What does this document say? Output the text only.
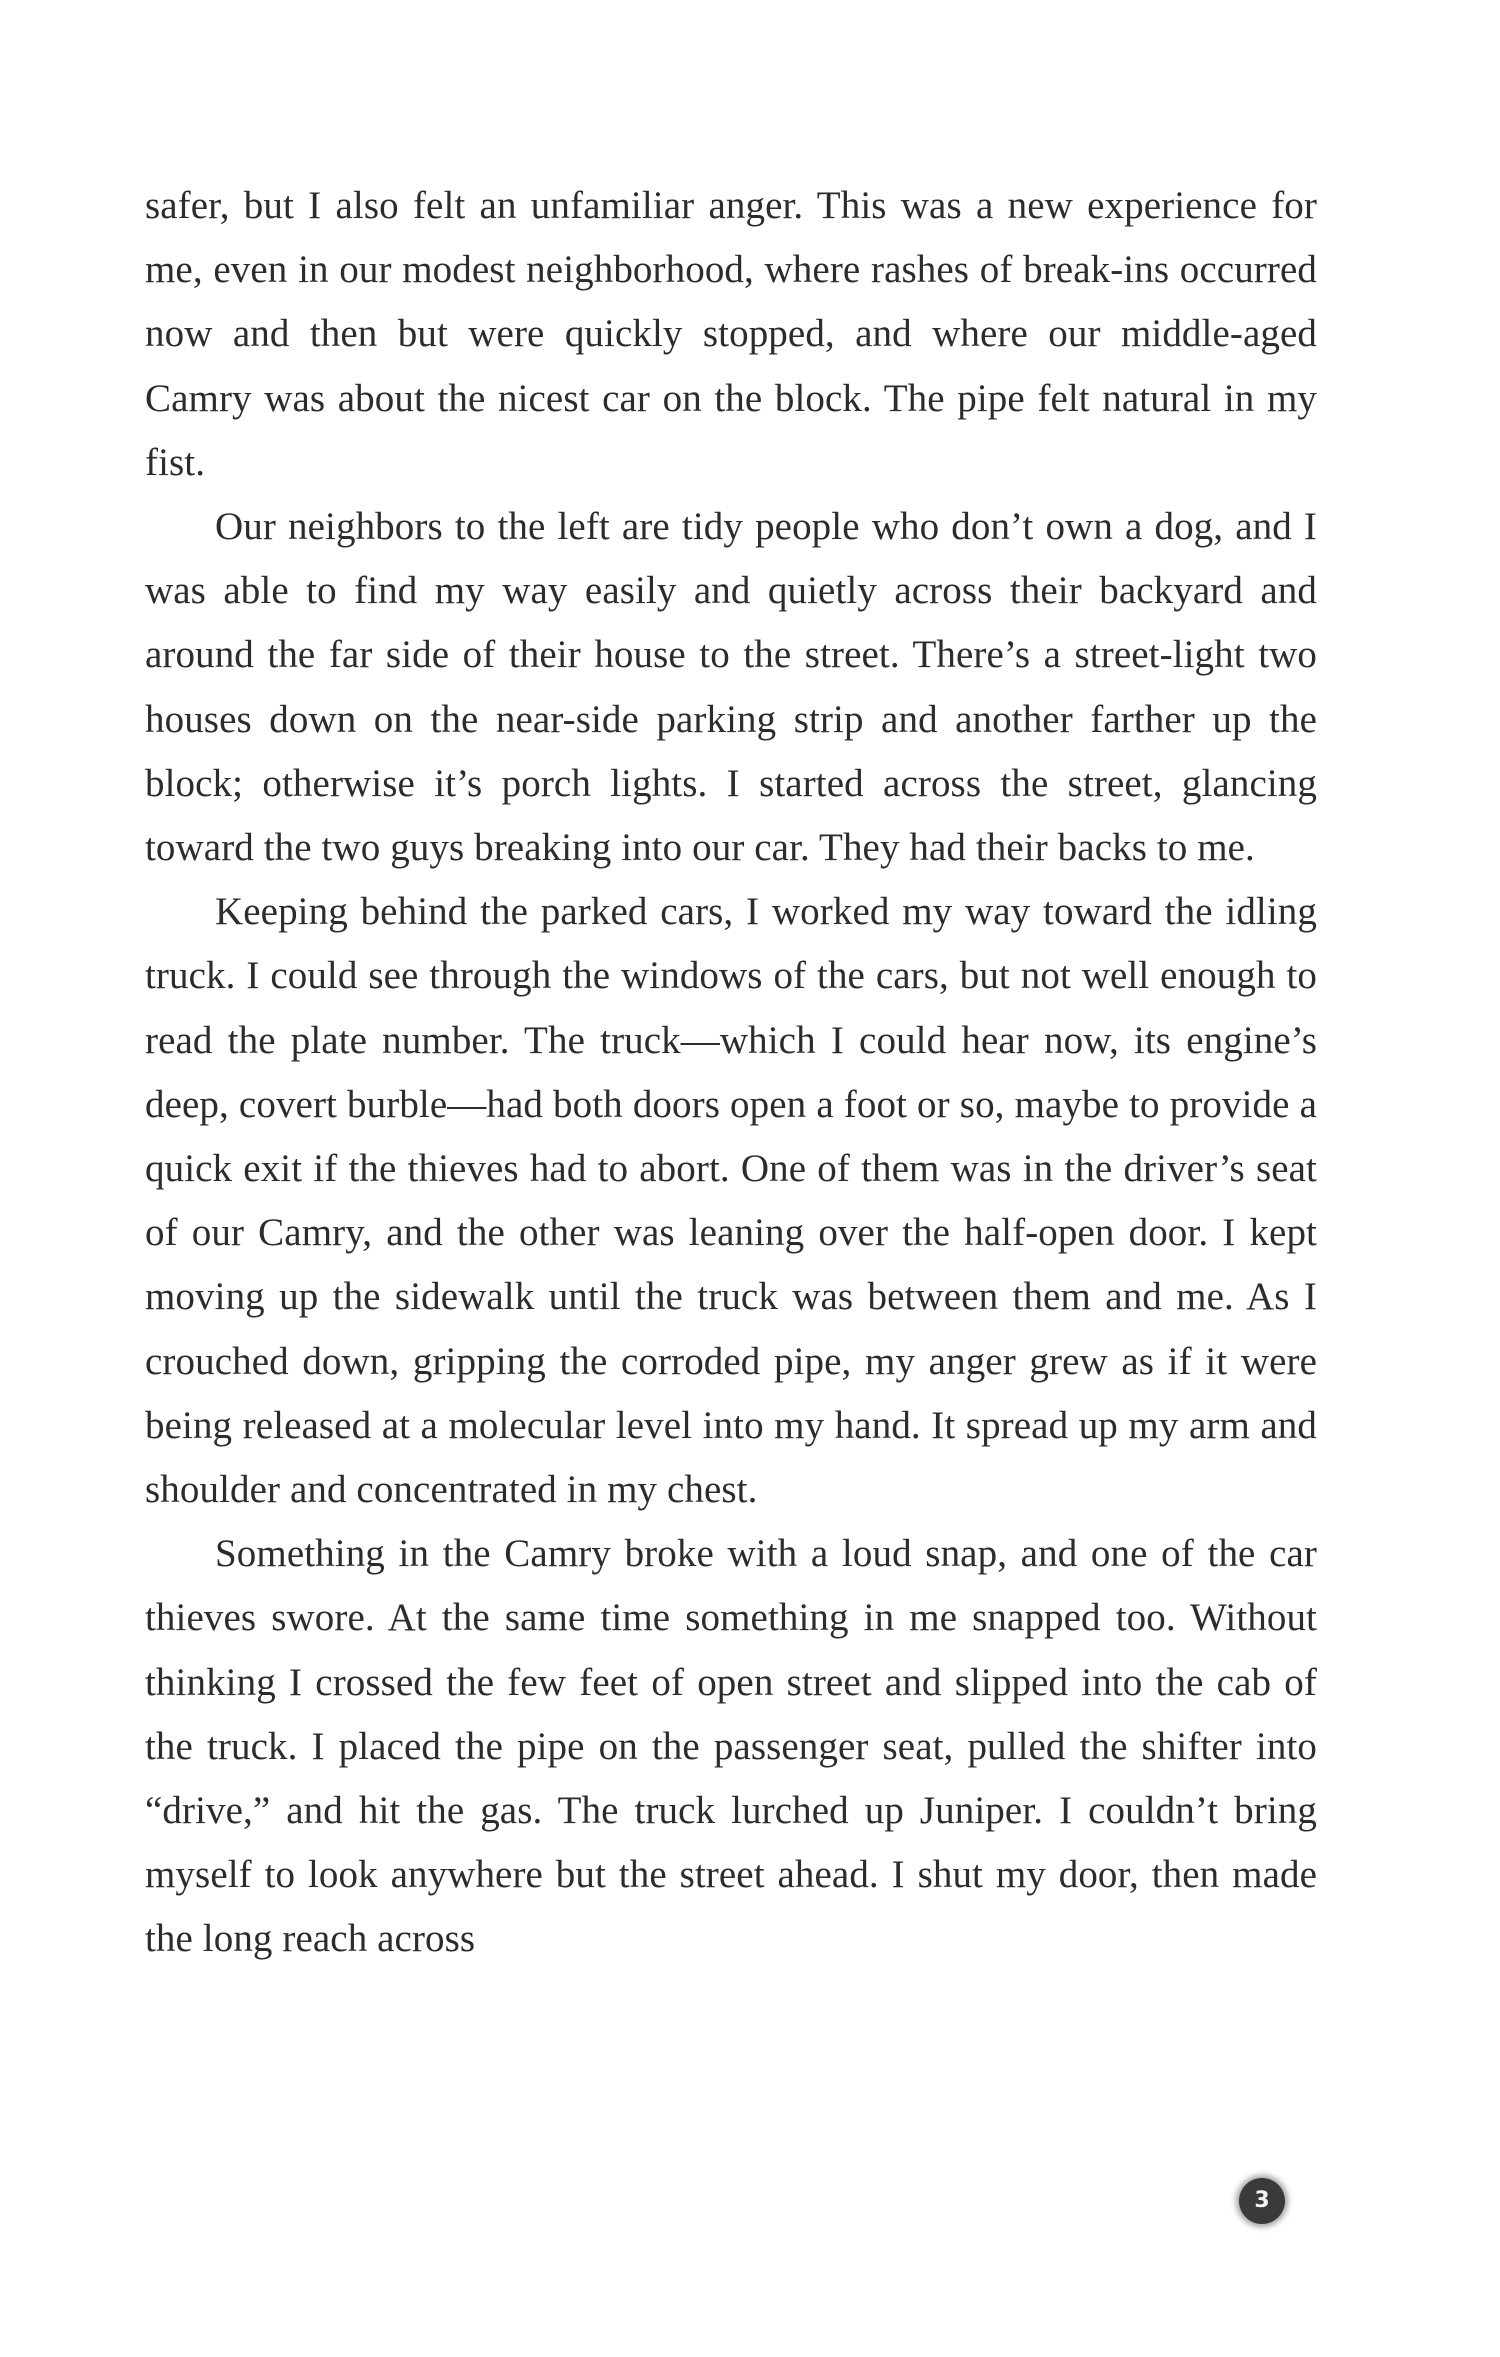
safer, but I also felt an unfamiliar anger. This was a new experience for me, even in our modest neighborhood, where rashes of break-ins occurred now and then but were quickly stopped, and where our middle-aged Camry was about the nicest car on the block. The pipe felt natural in my fist.

Our neighbors to the left are tidy people who don’t own a dog, and I was able to find my way easily and quietly across their backyard and around the far side of their house to the street. There’s a street-light two houses down on the near-side parking strip and another farther up the block; otherwise it’s porch lights. I started across the street, glancing toward the two guys breaking into our car. They had their backs to me.

Keeping behind the parked cars, I worked my way toward the idling truck. I could see through the windows of the cars, but not well enough to read the plate number. The truck—which I could hear now, its engine’s deep, covert burble—had both doors open a foot or so, maybe to provide a quick exit if the thieves had to abort. One of them was in the driver’s seat of our Camry, and the other was leaning over the half-open door. I kept moving up the sidewalk until the truck was between them and me. As I crouched down, gripping the corroded pipe, my anger grew as if it were being released at a molecular level into my hand. It spread up my arm and shoulder and concentrated in my chest.

Something in the Camry broke with a loud snap, and one of the car thieves swore. At the same time something in me snapped too. Without thinking I crossed the few feet of open street and slipped into the cab of the truck. I placed the pipe on the passenger seat, pulled the shifter into “drive,” and hit the gas. The truck lurched up Juniper. I couldn’t bring myself to look anywhere but the street ahead. I shut my door, then made the long reach across

3
